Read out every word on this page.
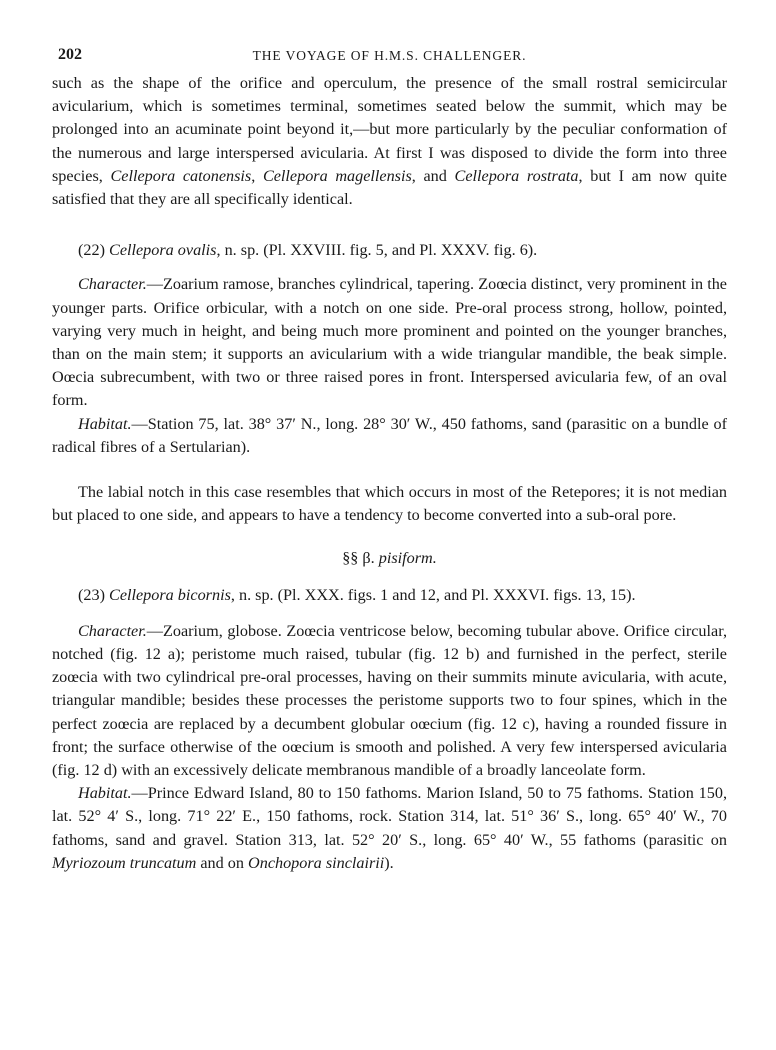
202	THE VOYAGE OF H.M.S. CHALLENGER.

such as the shape of the orifice and operculum, the presence of the small rostral semicircular avicularium, which is sometimes terminal, sometimes seated below the summit, which may be prolonged into an acuminate point beyond it,—but more particularly by the peculiar conformation of the numerous and large interspersed avicularia. At first I was disposed to divide the form into three species, Cellepora catonensis, Cellepora magellensis, and Cellepora rostrata, but I am now quite satisfied that they are all specifically identical.

(22) Cellepora ovalis, n. sp. (Pl. XXVIII. fig. 5, and Pl. XXXV. fig. 6).

Character.—Zoarium ramose, branches cylindrical, tapering. Zoœcia distinct, very prominent in the younger parts. Orifice orbicular, with a notch on one side. Pre-oral process strong, hollow, pointed, varying very much in height, and being much more prominent and pointed on the younger branches, than on the main stem; it supports an avicularium with a wide triangular mandible, the beak simple. Oœcia subrecumbent, with two or three raised pores in front. Interspersed avicularia few, of an oval form.

Habitat.—Station 75, lat. 38° 37′ N., long. 28° 30′ W., 450 fathoms, sand (parasitic on a bundle of radical fibres of a Sertularian).

The labial notch in this case resembles that which occurs in most of the Retepores; it is not median but placed to one side, and appears to have a tendency to become converted into a sub-oral pore.

§§ β. pisiform.
(23) Cellepora bicornis, n. sp. (Pl. XXX. figs. 1 and 12, and Pl. XXXVI. figs. 13, 15).

Character.—Zoarium, globose. Zoœcia ventricose below, becoming tubular above. Orifice circular, notched (fig. 12 a); peristome much raised, tubular (fig. 12 b) and furnished in the perfect, sterile zoœcia with two cylindrical pre-oral processes, having on their summits minute avicularia, with acute, triangular mandible; besides these processes the peristome supports two to four spines, which in the perfect zoœcia are replaced by a decumbent globular oœcium (fig. 12 c), having a rounded fissure in front; the surface otherwise of the oœcium is smooth and polished. A very few interspersed avicularia (fig. 12 d) with an excessively delicate membranous mandible of a broadly lanceolate form.

Habitat.—Prince Edward Island, 80 to 150 fathoms. Marion Island, 50 to 75 fathoms. Station 150, lat. 52° 4′ S., long. 71° 22′ E., 150 fathoms, rock. Station 314, lat. 51° 36′ S., long. 65° 40′ W., 70 fathoms, sand and gravel. Station 313, lat. 52° 20′ S., long. 65° 40′ W., 55 fathoms (parasitic on Myriozoum truncatum and on Onchopora sinclairii).
